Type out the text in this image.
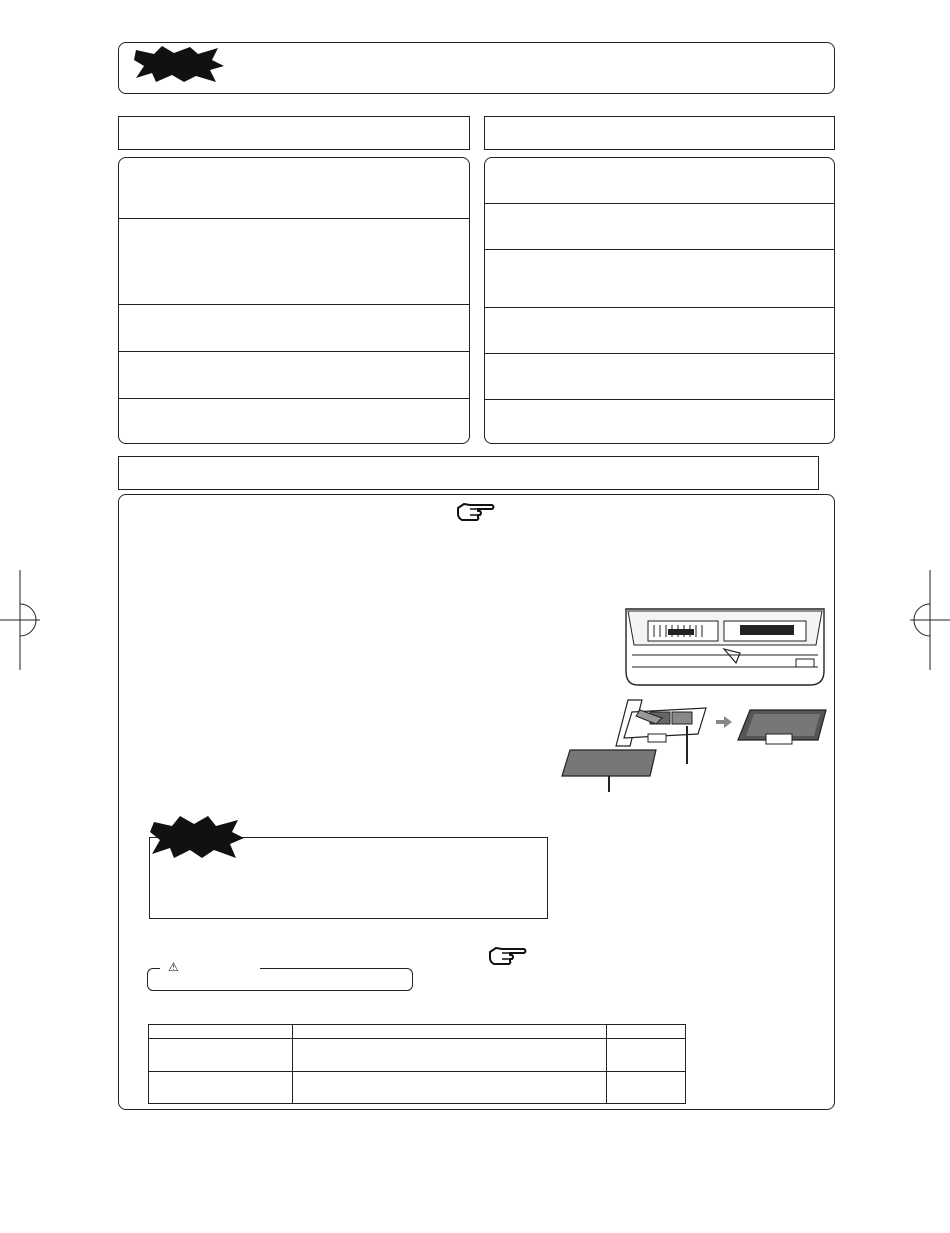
⚠
